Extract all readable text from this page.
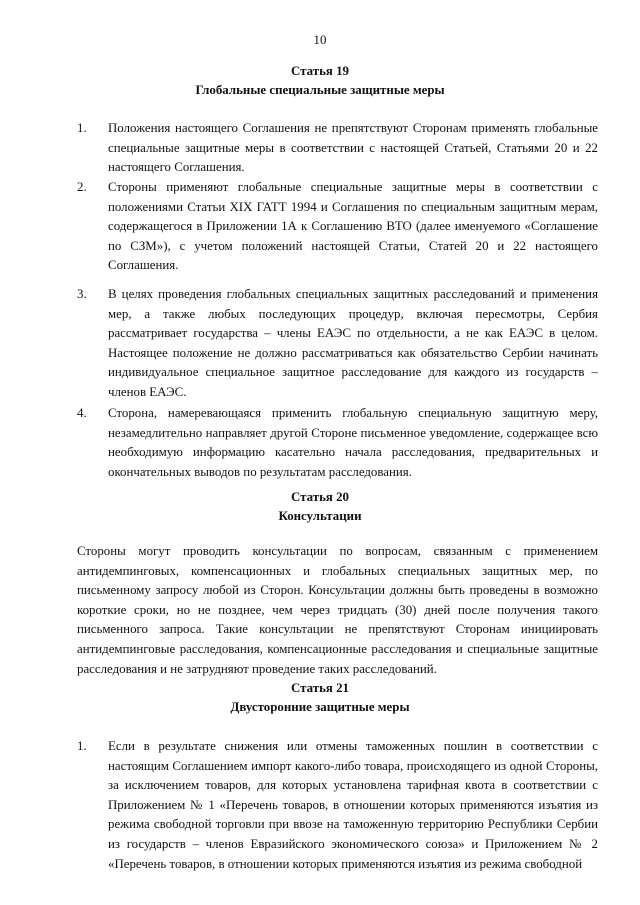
10
Статья 19
Глобальные специальные защитные меры
1.	Положения настоящего Соглашения не препятствуют Сторонам применять глобальные специальные защитные меры в соответствии с настоящей Статьей, Статьями 20 и 22 настоящего Соглашения.
2.	Стороны применяют глобальные специальные защитные меры в соответствии с положениями Статьи XIX ГАТТ 1994 и Соглашения по специальным защитным мерам, содержащегося в Приложении 1А к Соглашению ВТО (далее именуемого «Соглашение по СЗМ»), с учетом положений настоящей Статьи, Статей 20 и 22 настоящего Соглашения.
3.	В целях проведения глобальных специальных защитных расследований и применения мер, а также любых последующих процедур, включая пересмотры, Сербия рассматривает государства – члены ЕАЭС по отдельности, а не как ЕАЭС в целом. Настоящее положение не должно рассматриваться как обязательство Сербии начинать индивидуальное специальное защитное расследование для каждого из государств – членов ЕАЭС.
4.	Сторона, намеревающаяся применить глобальную специальную защитную меру, незамедлительно направляет другой Стороне письменное уведомление, содержащее всю необходимую информацию касательно начала расследования, предварительных и окончательных выводов по результатам расследования.
Статья 20
Консультации
Стороны могут проводить консультации по вопросам, связанным с применением антидемпинговых, компенсационных и глобальных специальных защитных мер, по письменному запросу любой из Сторон. Консультации должны быть проведены в возможно короткие сроки, но не позднее, чем через тридцать (30) дней после получения такого письменного запроса. Такие консультации не препятствуют Сторонам инициировать антидемпинговые расследования, компенсационные расследования и специальные защитные расследования и не затрудняют проведение таких расследований.
Статья 21
Двусторонние защитные меры
1.	Если в результате снижения или отмены таможенных пошлин в соответствии с настоящим Соглашением импорт какого-либо товара, происходящего из одной Стороны, за исключением товаров, для которых установлена тарифная квота в соответствии с Приложением № 1 «Перечень товаров, в отношении которых применяются изъятия из режима свободной торговли при ввозе на таможенную территорию Республики Сербии из государств – членов Евразийского экономического союза» и Приложением № 2 «Перечень товаров, в отношении которых применяются изъятия из режима свободной
